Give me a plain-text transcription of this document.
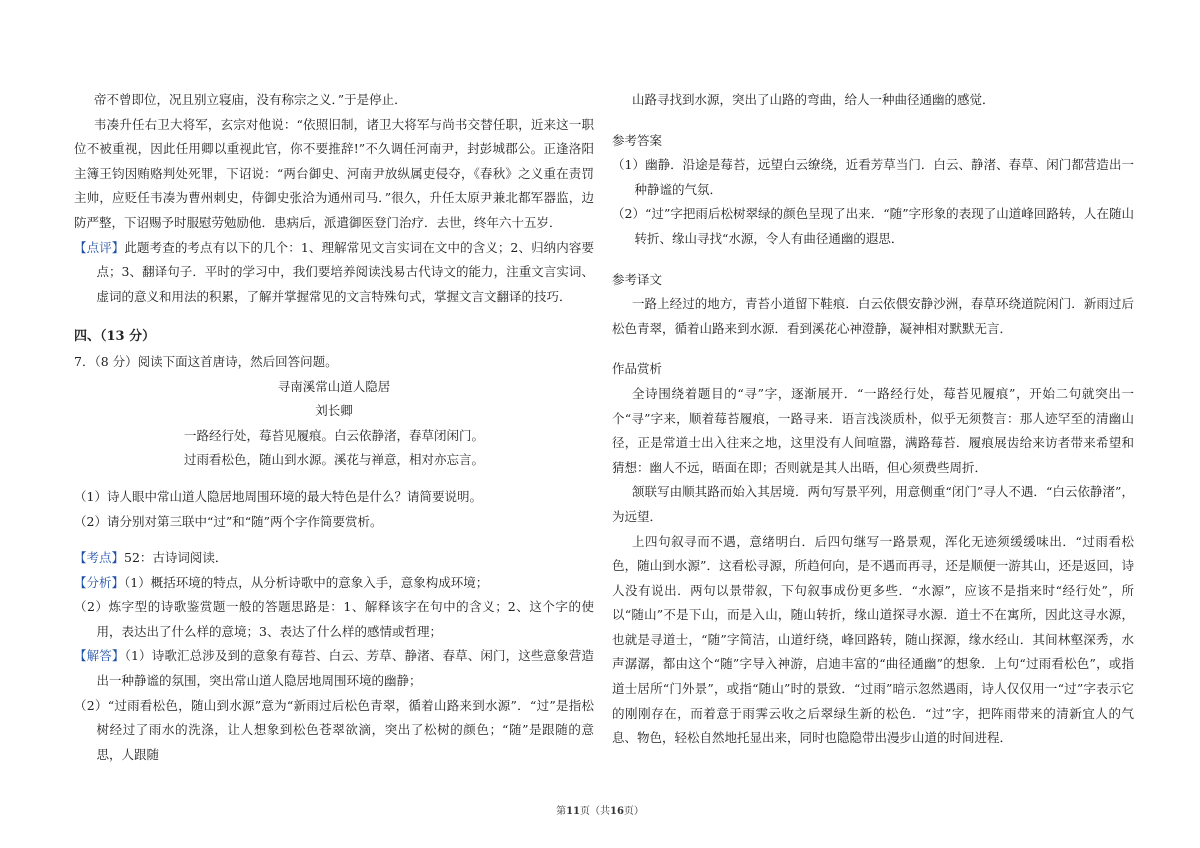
帝不曾即位，况且别立寝庙，没有称宗之义．”于是停止．

韦凑升任右卫大将军，玄宗对他说：“依照旧制，诸卫大将军与尚书交替任职，近来这一职位不被重视，因此任用卿以重视此官，你不要推辞!”不久调任河南尹，封彭城郡公。正逢洛阳主簿王钧因贿赂判处死罪，下诏说：“两台御史、河南尹放纵属吏侵夺，《春秋》之义重在责罚主帅，应贬任韦凑为曹州刺史，侍御史张洽为通州司马．”很久，升任太原尹兼北都军器监，边防严整，下诏赐予时服慰劳勉励他．患病后，派遣御医登门治疗．去世，终年六十五岁．

【点评】此题考查的考点有以下的几个：1、理解常见文言实词在文中的含义；2、归纳内容要点；3、翻译句子．平时的学习中，我们要培养阅读浅易古代诗文的能力，注重文言实词、虚词的意义和用法的积累，了解并掌握常见的文言特殊句式，掌握文言文翻译的技巧．

四、（13 分）

7．（8 分）阅读下面这首唐诗，然后回答问题。

寻南溪常山道人隐居

刘长卿

一路经行处，莓苔见履痕。白云依静渚，春草闭闲门。

过雨看松色，随山到水源。溪花与禅意，相对亦忘言。

（1）诗人眼中常山道人隐居地周围环境的最大特色是什么？请简要说明。

（2）请分别对第三联中“过”和“随”两个字作简要赏析。

【考点】52：古诗词阅读．

【分析】（1）概括环境的特点，从分析诗歌中的意象入手，意象构成环境；

（2）炼字型的诗歌鉴赏题一般的答题思路是：1、解释该字在句中的含义；2、这个字的使用，表达出了什么样的意境；3、表达了什么样的感情或哲理；

【解答】（1）诗歌汇总涉及到的意象有莓苔、白云、芳草、静渚、春草、闲门，这些意象营造出一种静谧的氛围，突出常山道人隐居地周围环境的幽静；

（2）“过雨看松色，随山到水源”意为“新雨过后松色青翠，循着山路来到水源”．“过”是指松树经过了雨水的洗涤，让人想象到松色苍翠欲滴，突出了松树的颜色；“随”是跟随的意思，人跟随

山路寻找到水源，突出了山路的弯曲，给人一种曲径通幽的感觉．

参考答案

（1）幽静．沿途是莓苔，远望白云缭绕，近看芳草当门．白云、静渚、春草、闲门都营造出一种静谧的气氛．

（2）“过”字把雨后松树翠绿的颜色呈现了出来．“随”字形象的表现了山道峰回路转，人在随山转折、缘山寻找“水源，令人有曲径通幽的遐思．

参考译文

一路上经过的地方，青苔小道留下鞋痕．白云依偎安静沙洲，春草环绕道院闲门．新雨过后松色青翠，循着山路来到水源．看到溪花心神澄静，凝神相对默默无言．

作品赏析

全诗围绕着题目的“寻”字，逐渐展开．“一路经行处，莓苔见履痕”，开始二句就突出一个“寻”字来，顺着莓苔履痕，一路寻来．语言浅淡质朴，似乎无须赘言：那人迹罕至的清幽山径，正是常道士出入往来之地，这里没有人间喧嚣，满路莓苔．履痕展齿给来访者带来希望和猜想：幽人不远，晤面在即；否则就是其人出晤，但心须费些周折．

颔联写由顺其路而始入其居境．两句写景平列，用意侧重“闭门”寻人不遇．“白云依静渚”，为远望．

上四句叙寻而不遇，意绪明白．后四句继写一路景观，浑化无迹须缓缓味出．“过雨看松色，随山到水源”．这看松寻源，所趋何向，是不遇而再寻，还是顺便一游其山，还是返回，诗人没有说出．两句以景带叙，下句叙事成份更多些．“水源”，应该不是指来时“经行处”，所以“随山”不是下山，而是入山，随山转折，缘山道探寻水源．道士不在寓所，因此这寻水源，也就是寻道士，“随”字简洁，山道纡绕，峰回路转，随山探源，缘水经山．其间林壑深秀，水声潺潺，都由这个“随”字导入神游，启迪丰富的“曲径通幽”的想象．上句“过雨看松色”，或指道士居所“门外景”，或指“随山”时的景致．“过雨”暗示忽然遇雨，诗人仅仅用一“过”字表示它的刚刚存在，而着意于雨霁云收之后翠绿生新的松色．“过”字，把阵雨带来的清新宜人的气息、物色，轻松自然地托显出来，同时也隐隐带出漫步山道的时间进程．

第11页（共16页）
